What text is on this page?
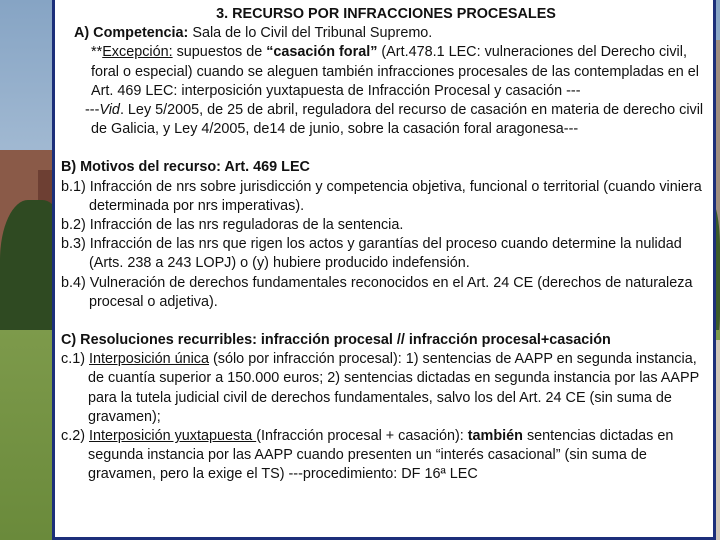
3. RECURSO POR INFRACCIONES PROCESALES

A) Competencia: Sala de lo Civil del Tribunal Supremo.

**Excepción: supuestos de “casación foral” (Art.478.1 LEC: vulneraciones del Derecho civil, foral o especial) cuando se aleguen también infracciones procesales de las contempladas en el Art. 469 LEC: interposición yuxtapuesta de Infracción Procesal y casación ---

---Vid. Ley 5/2005, de 25 de abril, reguladora del recurso de casación en materia de derecho civil de Galicia, y Ley 4/2005, de14 de junio, sobre la casación foral aragonesa---

B) Motivos del recurso: Art. 469 LEC

b.1) Infracción de nrs sobre jurisdicción y competencia objetiva, funcional o territorial (cuando viniera determinada por nrs imperativas).

b.2) Infracción de las nrs reguladoras de la sentencia.

b.3) Infracción de las nrs que rigen los actos y garantías del proceso cuando determine la nulidad (Arts. 238 a 243 LOPJ) o (y) hubiere producido indefensión.

b.4) Vulneración de derechos fundamentales reconocidos en el Art. 24 CE (derechos de naturaleza procesal o adjetiva).

C) Resoluciones recurribles: infracción procesal // infracción procesal+casación

c.1) Interposición única (sólo por infracción procesal): 1) sentencias de AAPP en segunda instancia, de cuantía superior a 150.000 euros; 2) sentencias dictadas en segunda instancia por las AAPP para la tutela judicial civil de derechos fundamentales, salvo los del Art. 24 CE (sin suma de gravamen);

c.2) Interposición yuxtapuesta (Infracción procesal + casación): también sentencias dictadas en segunda instancia por las AAPP cuando presenten un “interés casacional” (sin suma de gravamen, pero la exige el TS) ---procedimiento: DF 16ª LEC
